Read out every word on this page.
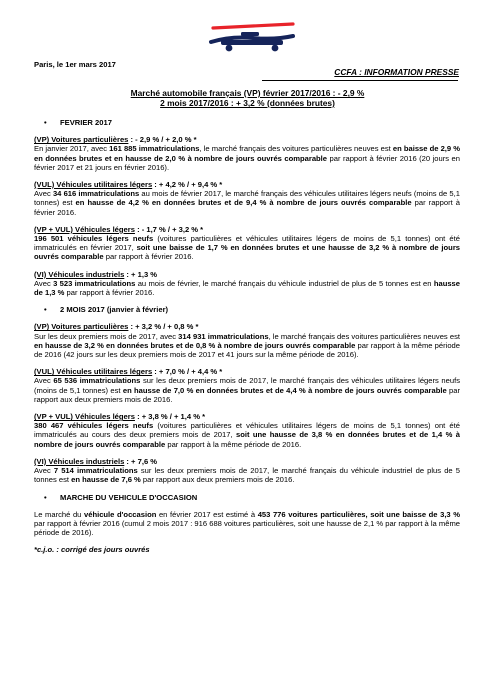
Paris, le 1er mars 2017
CCFA : INFORMATION PRESSE
Marché automobile français (VP) février 2017/2016 : - 2,9 %
2 mois 2017/2016 : + 3,2 % (données brutes)
• FEVRIER 2017
(VP) Voitures particulières : - 2,9 % / + 2,0 % *
En janvier 2017, avec 161 885 immatriculations, le marché français des voitures particulières neuves est en baisse de 2,9 % en données brutes et en hausse de 2,0 % à nombre de jours ouvrés comparable par rapport à février 2016 (20 jours en février 2017 et 21 jours en février 2016).
(VUL) Véhicules utilitaires légers : + 4,2 % / + 9,4 % *
Avec 34 616 immatriculations au mois de février 2017, le marché français des véhicules utilitaires légers neufs (moins de 5,1 tonnes) est en hausse de 4,2 % en données brutes et de 9,4 % à nombre de jours ouvrés comparable par rapport à février 2016.
(VP + VUL) Véhicules légers : - 1,7 % / + 3,2 % *
196 501 véhicules légers neufs (voitures particulières et véhicules utilitaires légers de moins de 5,1 tonnes) ont été immatriculés en février 2017, soit une baisse de 1,7 % en données brutes et une hausse de 3,2 % à nombre de jours ouvrés comparable par rapport à février 2016.
(VI) Véhicules industriels : + 1,3 %
Avec 3 523 immatriculations au mois de février, le marché français du véhicule industriel de plus de 5 tonnes est en hausse de 1,3 % par rapport à février 2016.
• 2 MOIS 2017 (janvier à février)
(VP) Voitures particulières : + 3,2 % / + 0,8 % *
Sur les deux premiers mois de 2017, avec 314 931 immatriculations, le marché français des voitures particulières neuves est en hausse de 3,2 % en données brutes et de 0,8 % à nombre de jours ouvrés comparable par rapport à la même période de 2016 (42 jours sur les deux premiers mois de 2017 et 41 jours sur la même période de 2016).
(VUL) Véhicules utilitaires légers : + 7,0 % / + 4,4 % *
Avec 65 536 immatriculations sur les deux premiers mois de 2017, le marché français des véhicules utilitaires légers neufs (moins de 5,1 tonnes) est en hausse de 7,0 % en données brutes et de 4,4 % à nombre de jours ouvrés comparable par rapport aux deux premiers mois de 2016.
(VP + VUL) Véhicules légers : + 3,8 % / + 1,4 % *
380 467 véhicules légers neufs (voitures particulières et véhicules utilitaires légers de moins de 5,1 tonnes) ont été immatriculés au cours des deux premiers mois de 2017, soit une hausse de 3,8 % en données brutes et de 1,4 % à nombre de jours ouvrés comparable par rapport à la même période de 2016.
(VI) Véhicules industriels : + 7,6 %
Avec 7 514 immatriculations sur les deux premiers mois de 2017, le marché français du véhicule industriel de plus de 5 tonnes est en hausse de 7,6 % par rapport aux deux premiers mois de 2016.
• MARCHE DU VEHICULE D'OCCASION
Le marché du véhicule d'occasion en février 2017 est estimé à 453 776 voitures particulières, soit une baisse de 3,3 % par rapport à février 2016 (cumul 2 mois 2017 : 916 688 voitures particulières, soit une hausse de 2,1 % par rapport à la même période de 2016).
*c.j.o. : corrigé des jours ouvrés
